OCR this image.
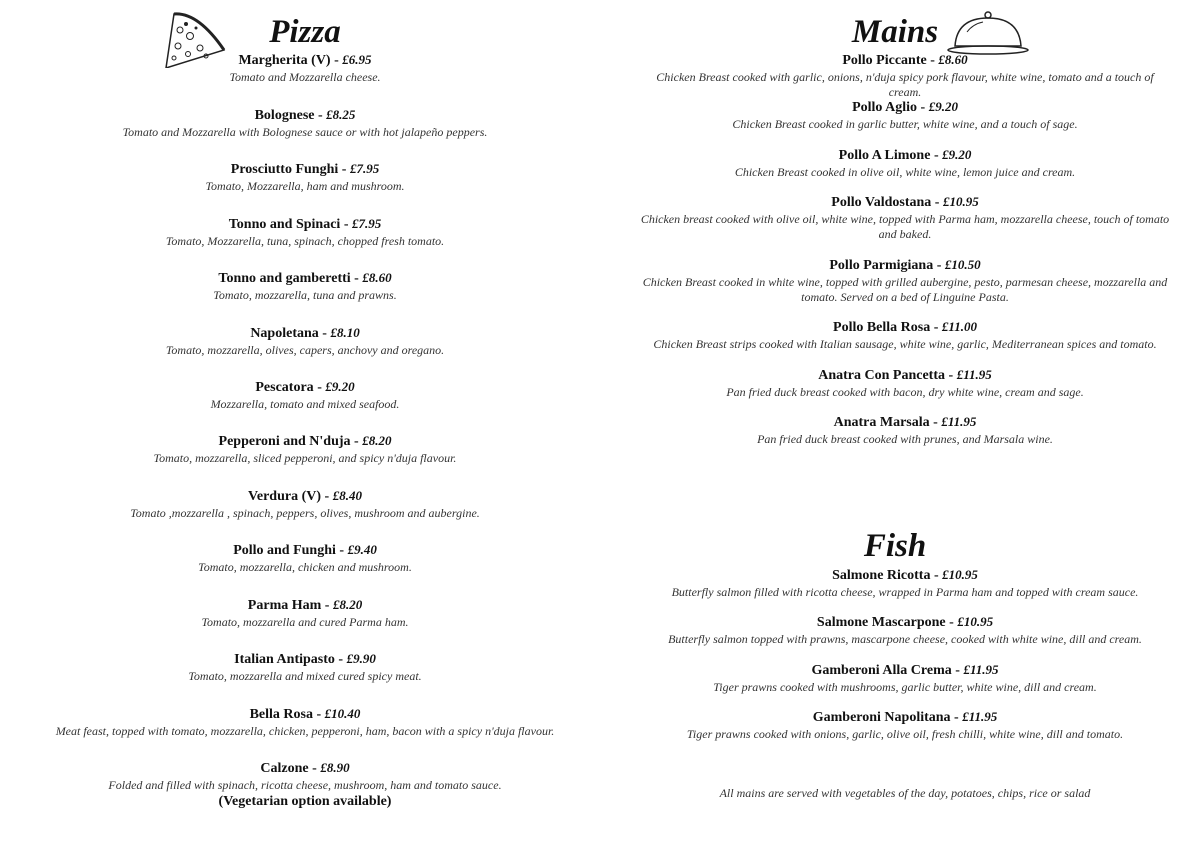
Pizza
Margherita (V) - £6.95
Tomato and Mozzarella cheese.
Bolognese - £8.25
Tomato and Mozzarella with Bolognese sauce or with hot jalapeño peppers.
Prosciutto Funghi - £7.95
Tomato, Mozzarella, ham and mushroom.
Tonno and Spinaci - £7.95
Tomato, Mozzarella, tuna, spinach, chopped fresh tomato.
Tonno and gamberetti - £8.60
Tomato, mozzarella, tuna and prawns.
Napoletana - £8.10
Tomato, mozzarella, olives, capers, anchovy and oregano.
Pescatora - £9.20
Mozzarella, tomato and mixed seafood.
Pepperoni and N'duja - £8.20
Tomato, mozzarella, sliced pepperoni, and spicy n'duja flavour.
Verdura (V) - £8.40
Tomato ,mozzarella , spinach, peppers, olives, mushroom and aubergine.
Pollo and Funghi - £9.40
Tomato, mozzarella, chicken and mushroom.
Parma Ham - £8.20
Tomato, mozzarella and cured Parma ham.
Italian Antipasto - £9.90
Tomato, mozzarella and mixed cured spicy meat.
Bella Rosa - £10.40
Meat feast, topped with tomato, mozzarella, chicken, pepperoni, ham, bacon with a spicy n'duja flavour.
Calzone - £8.90
Folded and filled with spinach, ricotta cheese, mushroom, ham and tomato sauce.
(Vegetarian option available)
Mains
Pollo Piccante - £8.60
Chicken Breast cooked with garlic, onions, n'duja spicy pork flavour, white wine, tomato and a touch of cream.
Pollo Aglio - £9.20
Chicken Breast cooked in garlic butter, white wine, and a touch of sage.
Pollo A Limone - £9.20
Chicken Breast cooked in olive oil, white wine, lemon juice and cream.
Pollo Valdostana - £10.95
Chicken breast cooked with olive oil, white wine, topped with Parma ham, mozzarella cheese, touch of tomato and baked.
Pollo Parmigiana - £10.50
Chicken Breast cooked in white wine, topped with grilled aubergine, pesto, parmesan cheese, mozzarella and tomato. Served on a bed of Linguine Pasta.
Pollo Bella Rosa - £11.00
Chicken Breast strips cooked with Italian sausage, white wine, garlic, Mediterranean spices and tomato.
Anatra Con Pancetta - £11.95
Pan fried duck breast cooked with bacon, dry white wine, cream and sage.
Anatra Marsala - £11.95
Pan fried duck breast cooked with prunes, and Marsala wine.
Fish
Salmone Ricotta - £10.95
Butterfly salmon filled with ricotta cheese, wrapped in Parma ham and topped with cream sauce.
Salmone Mascarpone - £10.95
Butterfly salmon topped with prawns, mascarpone cheese, cooked with white wine, dill and cream.
Gamberoni Alla Crema - £11.95
Tiger prawns cooked with mushrooms, garlic butter, white wine, dill and cream.
Gamberoni Napolitana - £11.95
Tiger prawns cooked with onions, garlic, olive oil, fresh chilli, white wine, dill and tomato.
All mains are served with vegetables of the day, potatoes, chips, rice or salad
